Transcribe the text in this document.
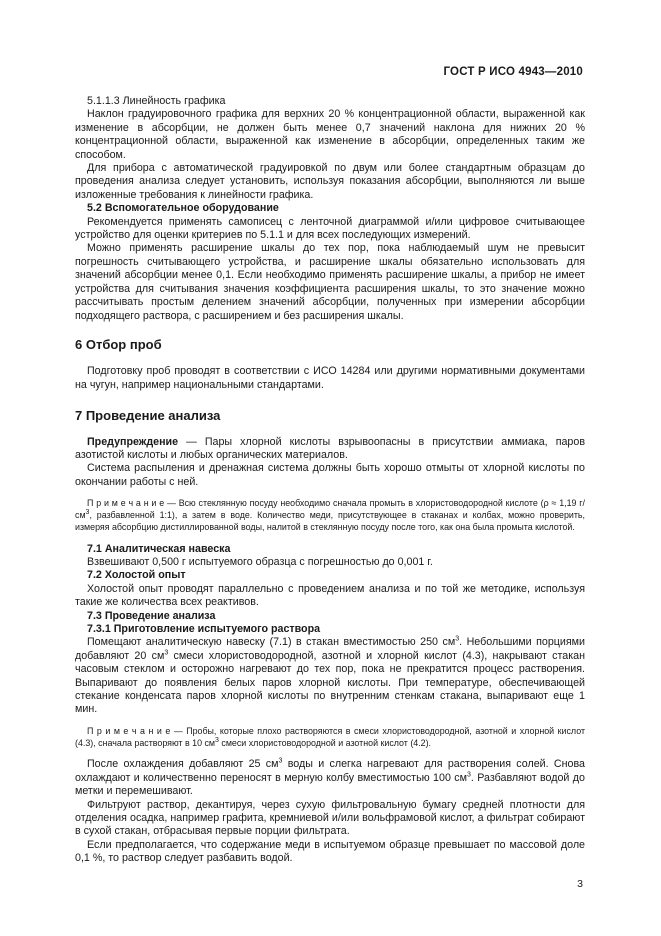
ГОСТ Р ИСО 4943—2010

5.1.1.3 Линейность графика

Наклон градуировочного графика для верхних 20 % концентрационной области, выраженной как изменение в абсорбции, не должен быть менее 0,7 значений наклона для нижних 20 % концентрационной области, выраженной как изменение в абсорбции, определенных таким же способом.

Для прибора с автоматической градуировкой по двум или более стандартным образцам до проведения анализа следует установить, используя показания абсорбции, выполняются ли выше изложенные требования к линейности графика.

5.2 Вспомогательное оборудование

Рекомендуется применять самописец с ленточной диаграммой и/или цифровое считывающее устройство для оценки критериев по 5.1.1 и для всех последующих измерений.

Можно применять расширение шкалы до тех пор, пока наблюдаемый шум не превысит погрешность считывающего устройства, и расширение шкалы обязательно использовать для значений абсорбции менее 0,1. Если необходимо применять расширение шкалы, а прибор не имеет устройства для считывания значения коэффициента расширения шкалы, то это значение можно рассчитывать простым делением значений абсорбции, полученных при измерении абсорбции подходящего раствора, с расширением и без расширения шкалы.

6 Отбор проб

Подготовку проб проводят в соответствии с ИСО 14284 или другими нормативными документами на чугун, например национальными стандартами.

7 Проведение анализа

Предупреждение — Пары хлорной кислоты взрывоопасны в присутствии аммиака, паров азотистой кислоты и любых органических материалов.

Система распыления и дренажная система должны быть хорошо отмыты от хлорной кислоты по окончании работы с ней.

П р и м е ч а н и е — Всю стеклянную посуду необходимо сначала промыть в хлористоводородной кислоте (ρ ≈ 1,19 $г/см^3$, разбавленной 1:1), а затем в воде. Количество меди, присутствующее в стаканах и колбах, можно проверить, измеряя абсорбцию дистиллированной воды, налитой в стеклянную посуду после того, как она была промыта кислотой.

7.1 Аналитическая навеска

Взвешивают 0,500 г испытуемого образца с погрешностью до 0,001 г.

7.2 Холостой опыт

Холостой опыт проводят параллельно с проведением анализа и по той же методике, используя такие же количества всех реактивов.

7.3 Проведение анализа

7.3.1 Приготовление испытуемого раствора

Помещают аналитическую навеску (7.1) в стакан вместимостью 250 $см^3$. Небольшими порциями добавляют 20 $см^3$ смеси хлористоводородной, азотной и хлорной кислот (4.3), накрывают стакан часовым стеклом и осторожно нагревают до тех пор, пока не прекратится процесс растворения. Выпаривают до появления белых паров хлорной кислоты. При температуре, обеспечивающей стекание конденсата паров хлорной кислоты по внутренним стенкам стакана, выпаривают еще 1 мин.

П р и м е ч а н и е — Пробы, которые плохо растворяются в смеси хлористоводородной, азотной и хлорной кислот (4.3), сначала растворяют в 10 $см^3$ смеси хлористоводородной и азотной кислот (4.2).

После охлаждения добавляют 25 $см^3$ воды и слегка нагревают для растворения солей. Снова охлаждают и количественно переносят в мерную колбу вместимостью 100 $см^3$. Разбавляют водой до метки и перемешивают.

Фильтруют раствор, декантируя, через сухую фильтровальную бумагу средней плотности для отделения осадка, например графита, кремниевой и/или вольфрамовой кислот, а фильтрат собирают в сухой стакан, отбрасывая первые порции фильтрата.

Если предполагается, что содержание меди в испытуемом образце превышает по массовой доле 0,1 %, то раствор следует разбавить водой.

3
